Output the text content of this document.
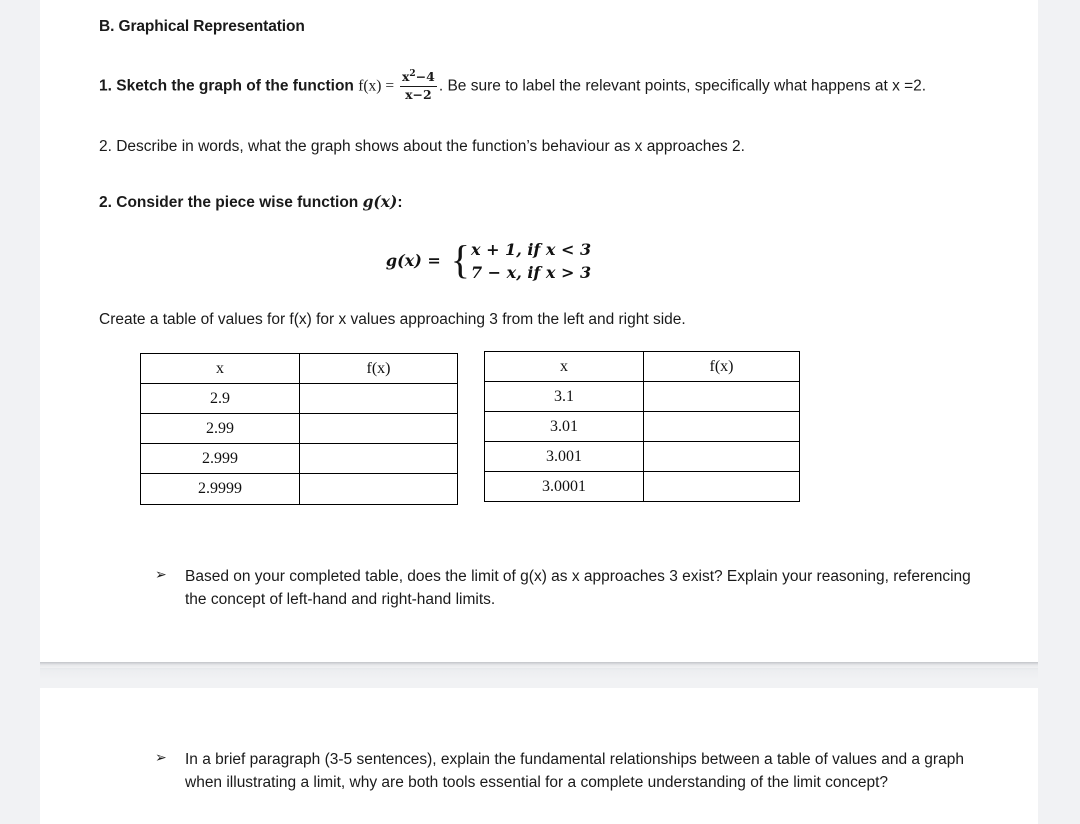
B. Graphical Representation
1. Sketch the graph of the function $f(x) = \frac{x^2-4}{x-2}$ . Be sure to label the relevant points, specifically what happens at x =2.
2. Describe in words, what the graph shows about the function’s behaviour as x approaches 2.
2. Consider the piece wise function g(x):
g(x) = { x + 1, if x < 3
7 − x, if x > 3
Create a table of values for f(x) for x values approaching 3 from the left and right side.
x	f(x)
2.9	
2.99	
2.999	
2.9999	
x	f(x)
3.1	
3.01	
3.001	
3.0001	
➢	Based on your completed table, does the limit of g(x) as x approaches 3 exist? Explain your reasoning, referencing the concept of left-hand and right-hand limits.
➢	In a brief paragraph (3-5 sentences), explain the fundamental relationships between a table of values and a graph when illustrating a limit, why are both tools essential for a complete understanding of the limit concept?
